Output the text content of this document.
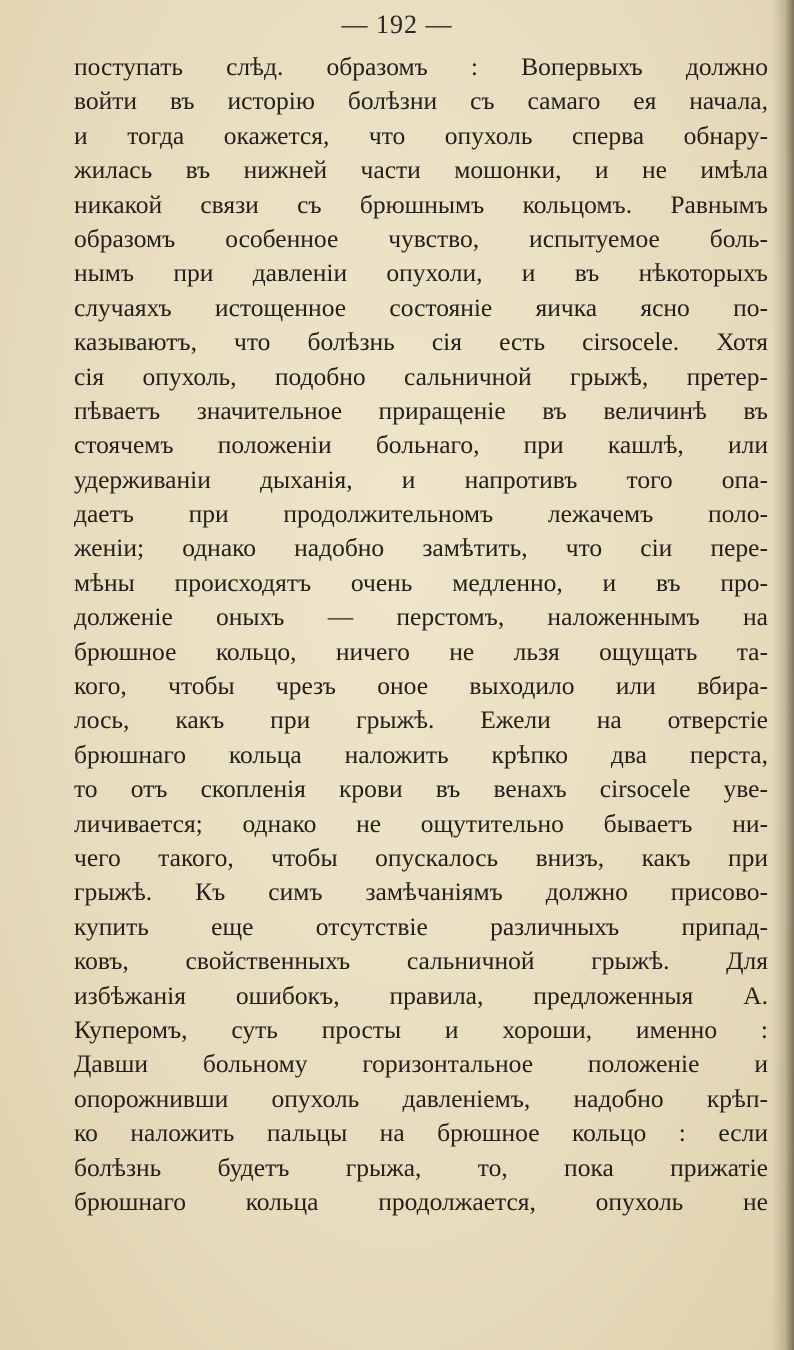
— 192 —
поступать слѣд. образомъ : Вопервыхъ должно
войти въ исторію болѣзни съ самаго ея начала,
и тогда окажется, что опухоль сперва обнару-
жилась въ нижней части мошонки, и не имѣла
никакой связи съ брюшнымъ кольцомъ. Равнымъ
образомъ особенное чувство, испытуемое боль-
нымъ при давленіи опухоли, и въ нѣкоторыхъ
случаяхъ истощенное состояніе яичка ясно по-
казываютъ, что болѣзнь сія есть cirsocele. Хотя
сія опухоль, подобно сальничной грыжѣ, претер-
пѣваетъ значительное приращеніе въ величинѣ въ
стоячемъ положеніи больнаго, при кашлѣ, или
удерживаніи дыханія, и напротивъ того опа-
даетъ при продолжительномъ лежачемъ поло-
женіи; однако надобно замѣтить, что сіи пере-
мѣны происходятъ очень медленно, и въ про-
долженіе оныхъ — перстомъ, наложеннымъ на
брюшное кольцо, ничего не льзя ощущать та-
кого, чтобы чрезъ оное выходило или вбира-
лось, какъ при грыжѣ. Ежели на отверстіе
брюшнаго кольца наложить крѣпко два перста,
то отъ скопленія крови въ венахъ cirsocele уве-
личивается; однако не ощутительно бываетъ ни-
чего такого, чтобы опускалось внизъ, какъ при
грыжѣ. Къ симъ замѣчаніямъ должно присово-
купить еще отсутствіе различныхъ припад-
ковъ, свойственныхъ сальничной грыжѣ. Для
избѣжанія ошибокъ, правила, предложенныя А.
Куперомъ, суть просты и хороши, именно :
Давши больному горизонтальное положеніе и
опорожнивши опухоль давленіемъ, надобно крѣп-
ко наложить пальцы на брюшное кольцо : если
болѣзнь будетъ грыжа, то, пока прижатіе
брюшнаго кольца продолжается, опухоль не
